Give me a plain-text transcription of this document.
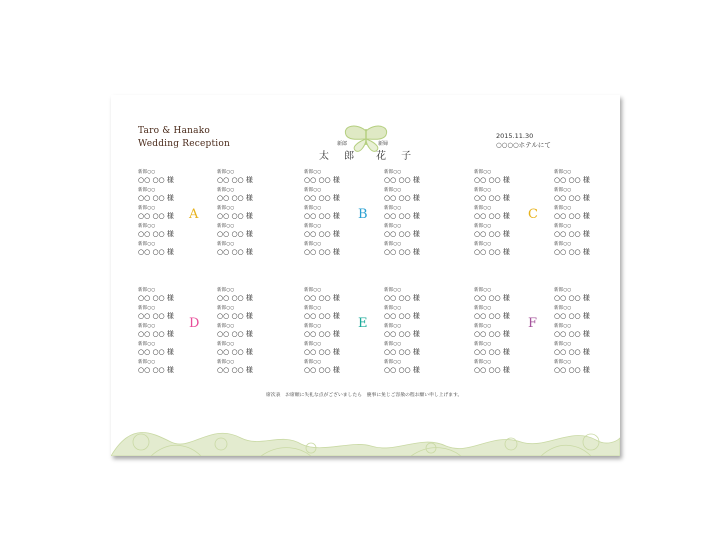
Taro & Hanako
Wedding Reception	新郎
太 郎
新婦
花 子
2015.11.30
○○○○ホテルにて
新郎○○
○○ ○○ 様
新郎○○
○○ ○○ 様
新郎○○
○○ ○○ 様
新郎○○
○○ ○○ 様
新郎○○
○○ ○○ 様
新郎○○
○○ ○○ 様
新郎○○
○○ ○○ 様
新郎○○
○○ ○○ 様
新郎○○
○○ ○○ 様
新郎○○
○○ ○○ 様
A
新郎○○
○○ ○○ 様
新郎○○
○○ ○○ 様
新郎○○
○○ ○○ 様
新郎○○
○○ ○○ 様
新郎○○
○○ ○○ 様
新郎○○
○○ ○○ 様
新郎○○
○○ ○○ 様
新郎○○
○○ ○○ 様
新郎○○
○○ ○○ 様
新郎○○
○○ ○○ 様
B
新郎○○
○○ ○○ 様
新郎○○
○○ ○○ 様
新郎○○
○○ ○○ 様
新郎○○
○○ ○○ 様
新郎○○
○○ ○○ 様
新郎○○
○○ ○○ 様
新郎○○
○○ ○○ 様
新郎○○
○○ ○○ 様
新郎○○
○○ ○○ 様
新郎○○
○○ ○○ 様
C
新郎○○
○○ ○○ 様
新郎○○
○○ ○○ 様
新郎○○
○○ ○○ 様
新郎○○
○○ ○○ 様
新郎○○
○○ ○○ 様
新郎○○
○○ ○○ 様
新郎○○
○○ ○○ 様
新郎○○
○○ ○○ 様
新郎○○
○○ ○○ 様
新郎○○
○○ ○○ 様
D
新郎○○
○○ ○○ 様
新郎○○
○○ ○○ 様
新郎○○
○○ ○○ 様
新郎○○
○○ ○○ 様
新郎○○
○○ ○○ 様
新郎○○
○○ ○○ 様
新郎○○
○○ ○○ 様
新郎○○
○○ ○○ 様
新郎○○
○○ ○○ 様
新郎○○
○○ ○○ 様
E
新郎○○
○○ ○○ 様
新郎○○
○○ ○○ 様
新郎○○
○○ ○○ 様
新郎○○
○○ ○○ 様
新郎○○
○○ ○○ 様
新郎○○
○○ ○○ 様
新郎○○
○○ ○○ 様
新郎○○
○○ ○○ 様
新郎○○
○○ ○○ 様
新郎○○
○○ ○○ 様
F
席次表　お席順に失礼な点がございましたら　慶事に免じご容赦の程お願い申し上げます。
